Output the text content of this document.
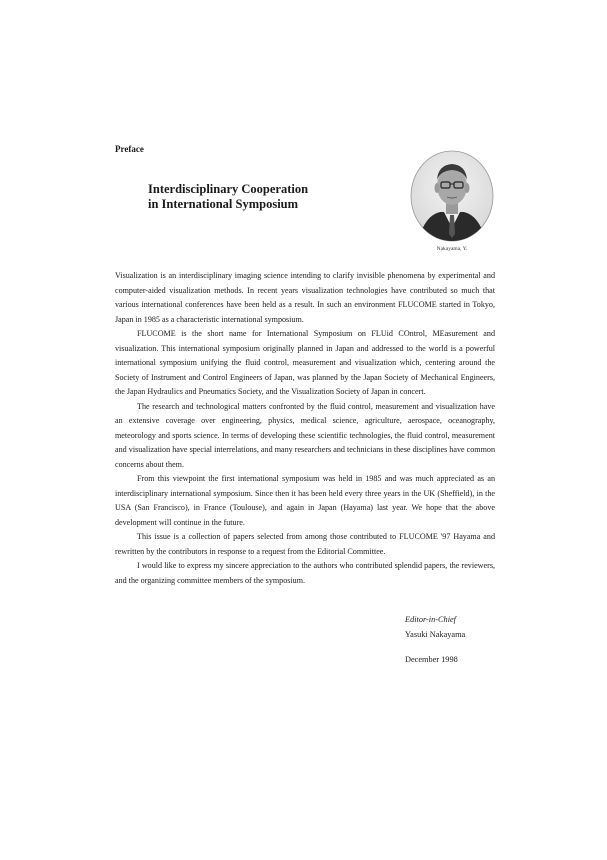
Preface

Interdisciplinary Cooperation
in International Symposium

Nakayama, Y.

Visualization is an interdisciplinary imaging science intending to clarify invisible phenomena by experimental and computer-aided visualization methods. In recent years visualization technologies have contributed so much that various international conferences have been held as a result. In such an environment FLUCOME started in Tokyo, Japan in 1985 as a characteristic international symposium.

FLUCOME is the short name for International Symposium on FLUid COntrol, MEasurement and visualization. This international symposium originally planned in Japan and addressed to the world is a powerful international symposium unifying the fluid control, measurement and visualization which, centering around the Society of Instrument and Control Engineers of Japan, was planned by the Japan Society of Mechanical Engineers, the Japan Hydraulics and Pneumatics Society, and the Visualization Society of Japan in concert.

The research and technological matters confronted by the fluid control, measurement and visualization have an extensive coverage over engineering, physics, medical science, agriculture, aerospace, oceanography, meteorology and sports science. In terms of developing these scientific technologies, the fluid control, measurement and visualization have special interrelations, and many researchers and technicians in these disciplines have common concerns about them.

From this viewpoint the first international symposium was held in 1985 and was much appreciated as an interdisciplinary international symposium. Since then it has been held every three years in the UK (Sheffield), in the USA (San Francisco), in France (Toulouse), and again in Japan (Hayama) last year. We hope that the above development will continue in the future.

This issue is a collection of papers selected from among those contributed to FLUCOME '97 Hayama and rewritten by the contributors in response to a request from the Editorial Committee.

I would like to express my sincere appreciation to the authors who contributed splendid papers, the reviewers, and the organizing committee members of the symposium.

Editor-in-Chief
Yasuki Nakayama
December 1998
